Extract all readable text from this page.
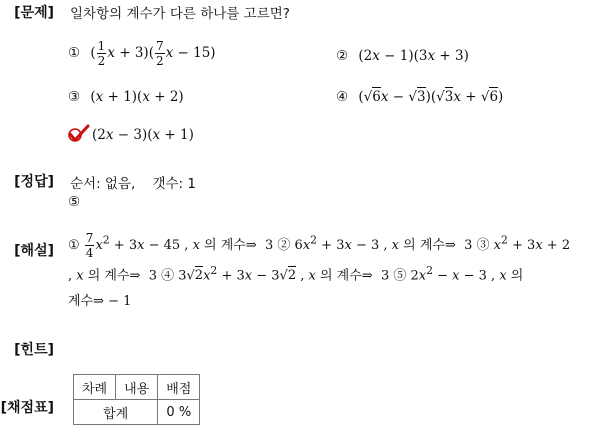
[문제]
[정답]
[해설]
[힌트]
[채점표]
일차항의 계수가 다른 하나를 고르면?
① ( $\frac{1}{2}$ $x + 3)( \frac{7}{2}$ x − 15)	② (2x − 1)(3x + 3)
③ (x + 1)(x + 2)	④ (√6x − √3)(√3x + √6)
(2x − 3)(x + 1)
순서: 없음, 갯수: 1
⑤
① $\frac{7}{4} x^2 + 3x - 45$ , x 의 계수⇒  3 ② $6x^2 + 3x - 3$ , x 의 계수⇒  3 ③ $x^2 + 3x + 2$
, x 의 계수⇒  3 ④ $3√2x^2 + 3x - 3√2$ , x 의 계수⇒  3 ⑤ $2x^2 - x - 3$ , x 의
계수⇒ − 1
차례	내용	배점
합계		0 %
